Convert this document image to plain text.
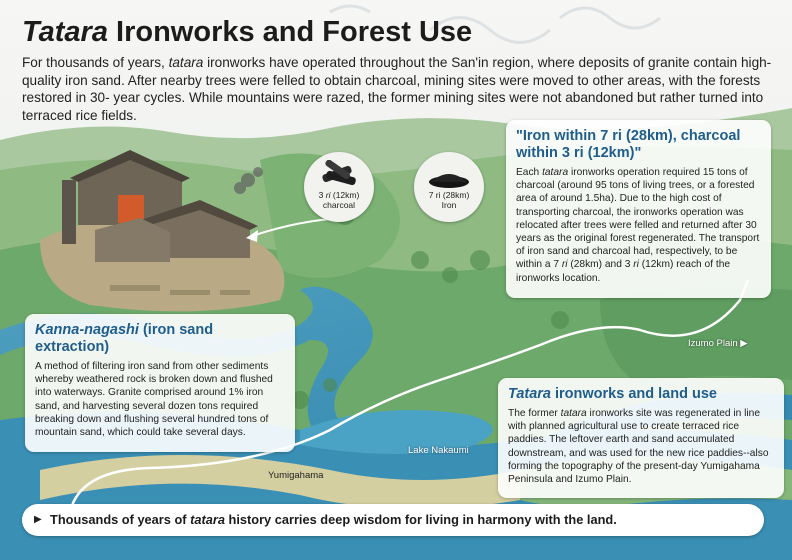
Tatara Ironworks and Forest Use
For thousands of years, tatara ironworks have operated throughout the San'in region, where deposits of granite contain high-quality iron sand. After nearby trees were felled to obtain charcoal, mining sites were moved to other areas, with the forests restored in 30- year cycles. While mountains were razed, the former mining sites were not abandoned but rather turned into terraced rice fields.
3 ri (12km)
charcoal
7 ri (28km)
Iron
"Iron within 7 ri (28km), charcoal within 3 ri (12km)"

Each tatara ironworks operation required 15 tons of charcoal (around 95 tons of living trees, or a forested area of around 1.5ha). Due to the high cost of transporting charcoal, the ironworks operation was relocated after trees were felled and returned after 30 years as the original forest regenerated. The transport of iron sand and charcoal had, respectively, to be within a 7 ri (28km) and 3 ri (12km) reach of the ironworks location.

Kanna-nagashi (iron sand extraction)

A method of filtering iron sand from other sediments whereby weathered rock is broken down and flushed into waterways. Granite comprised around 1% iron sand, and harvesting several dozen tons required breaking down and flushing several hundred tons of mountain sand, which could take several days.

Tatara ironworks and land use

The former tatara ironworks site was regenerated in line with planned agricultural use to create terraced rice paddies. The leftover earth and sand accumulated downstream, and was used for the new rice paddies--also forming the topography of the present-day Yumigahama Peninsula and Izumo Plain.

Izumo Plain ▶
Lake Nakaumi
Yumigahama
▶ Thousands of years of tatara history carries deep wisdom for living in harmony with the land.
